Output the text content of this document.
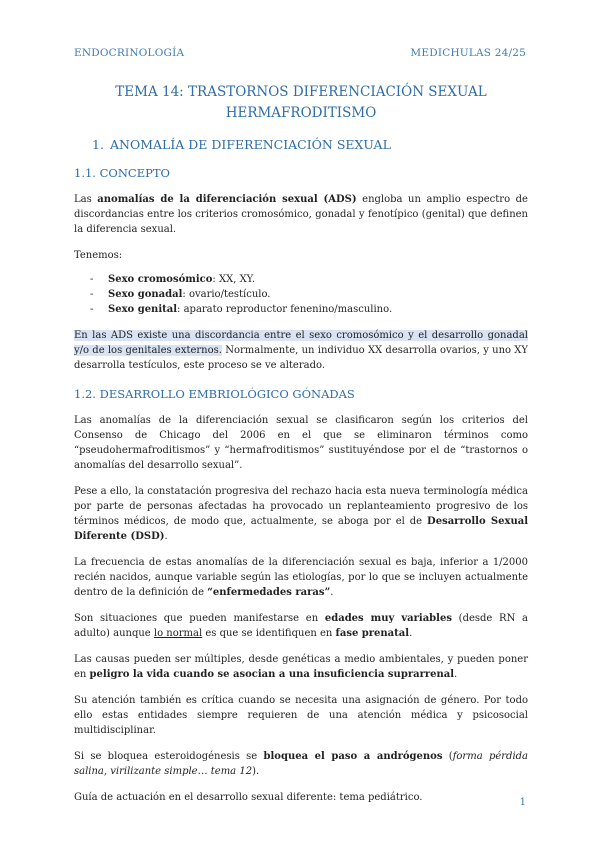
ENDOCRINOLOGÍA	MEDICHULAS 24/25
TEMA 14: TRASTORNOS DIFERENCIACIÓN SEXUAL
HERMAFRODITISMO
1. ANOMALÍA DE DIFERENCIACIÓN SEXUAL
1.1. CONCEPTO

Las anomalías de la diferenciación sexual (ADS) engloba un amplio espectro de discordancias entre los criterios cromosómico, gonadal y fenotípico (genital) que definen la diferencia sexual.

Tenemos:

- Sexo cromosómico: XX, XY.
- Sexo gonadal: ovario/testículo.
- Sexo genital: aparato reproductor fenenino/masculino.

En las ADS existe una discordancia entre el sexo cromosómico y el desarrollo gonadal y/o de los genitales externos. Normalmente, un individuo XX desarrolla ovarios, y uno XY desarrolla testículos, este proceso se ve alterado.

1.2. DESARROLLO EMBRIOLÓGICO GÓNADAS

Las anomalías de la diferenciación sexual se clasificaron según los criterios del Consenso de Chicago del 2006 en el que se eliminaron términos como “pseudohermafroditismos” y “hermafroditismos” sustituyéndose por el de “trastornos o anomalías del desarrollo sexual”.

Pese a ello, la constatación progresiva del rechazo hacia esta nueva terminología médica por parte de personas afectadas ha provocado un replanteamiento progresivo de los términos médicos, de modo que, actualmente, se aboga por el de Desarrollo Sexual Diferente (DSD).

La frecuencia de estas anomalías de la diferenciación sexual es baja, inferior a 1/2000 recién nacidos, aunque variable según las etiologías, por lo que se incluyen actualmente dentro de la definición de “enfermedades raras”.

Son situaciones que pueden manifestarse en edades muy variables (desde RN a adulto) aunque lo normal es que se identifiquen en fase prenatal.

Las causas pueden ser múltiples, desde genéticas a medio ambientales, y pueden poner en peligro la vida cuando se asocian a una insuficiencia suprarrenal.

Su atención también es crítica cuando se necesita una asignación de género. Por todo ello estas entidades siempre requieren de una atención médica y psicosocial multidisciplinar.

Si se bloquea esteroidogénesis se bloquea el paso a andrógenos (forma pérdida salina, virilizante simple… tema 12).

Guía de actuación en el desarrollo sexual diferente: tema pediátrico.	1
